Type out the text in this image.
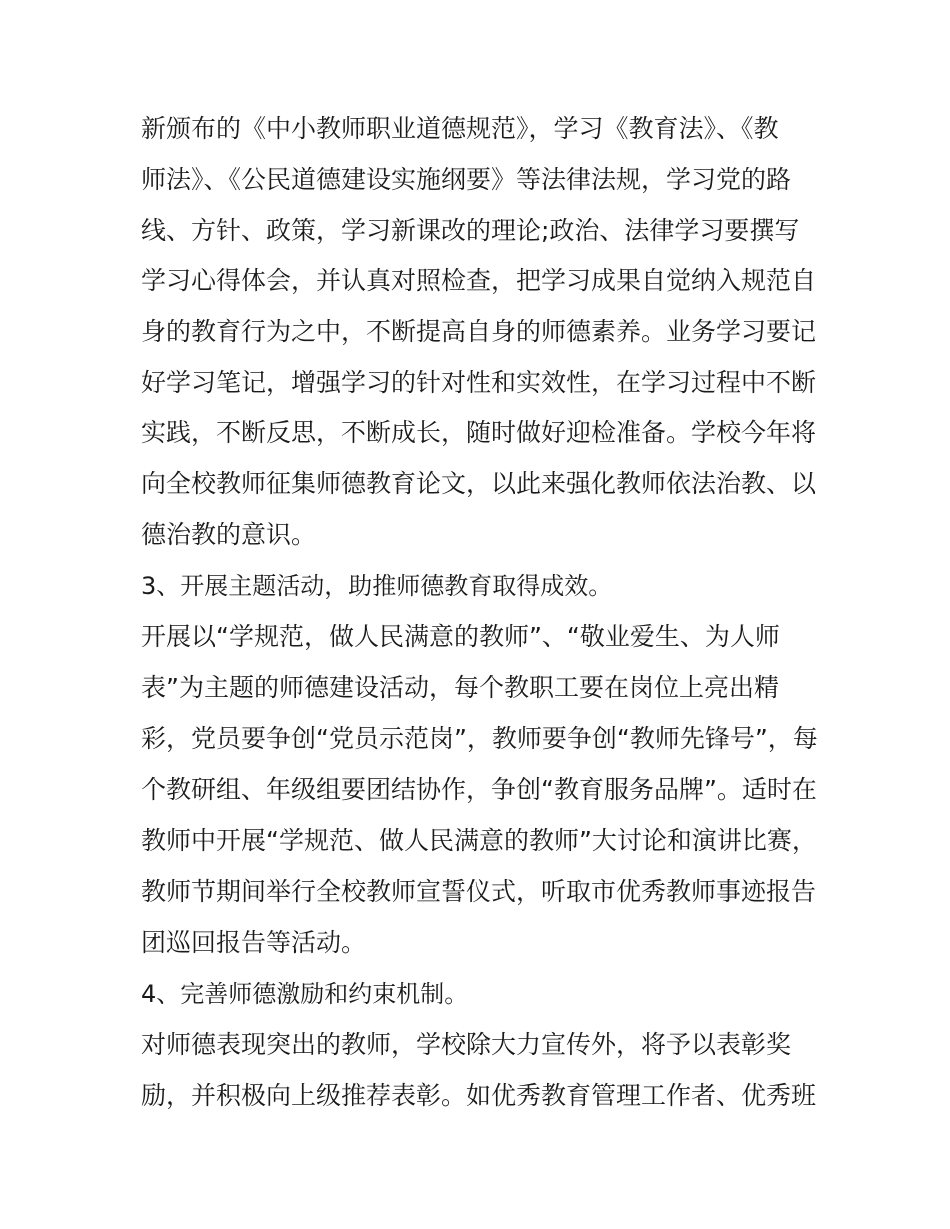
新颁布的《中小教师职业道德规范》，学习《教育法》、《教
师法》、《公民道德建设实施纲要》等法律法规，学习党的路
线、方针、政策，学习新课改的理论;政治、法律学习要撰写
学习心得体会，并认真对照检查，把学习成果自觉纳入规范自
身的教育行为之中，不断提高自身的师德素养。业务学习要记
好学习笔记，增强学习的针对性和实效性，在学习过程中不断
实践，不断反思，不断成长，随时做好迎检准备。学校今年将
向全校教师征集师德教育论文，以此来强化教师依法治教、以
德治教的意识。
3、开展主题活动，助推师德教育取得成效。
开展以“学规范，做人民满意的教师”、“敬业爱生、为人师
表”为主题的师德建设活动，每个教职工要在岗位上亮出精
彩，党员要争创“党员示范岗”，教师要争创“教师先锋号”，每
个教研组、年级组要团结协作，争创“教育服务品牌”。适时在
教师中开展“学规范、做人民满意的教师”大讨论和演讲比赛，
教师节期间举行全校教师宣誓仪式，听取市优秀教师事迹报告
团巡回报告等活动。
4、完善师德激励和约束机制。
对师德表现突出的教师，学校除大力宣传外，将予以表彰奖
励，并积极向上级推荐表彰。如优秀教育管理工作者、优秀班
